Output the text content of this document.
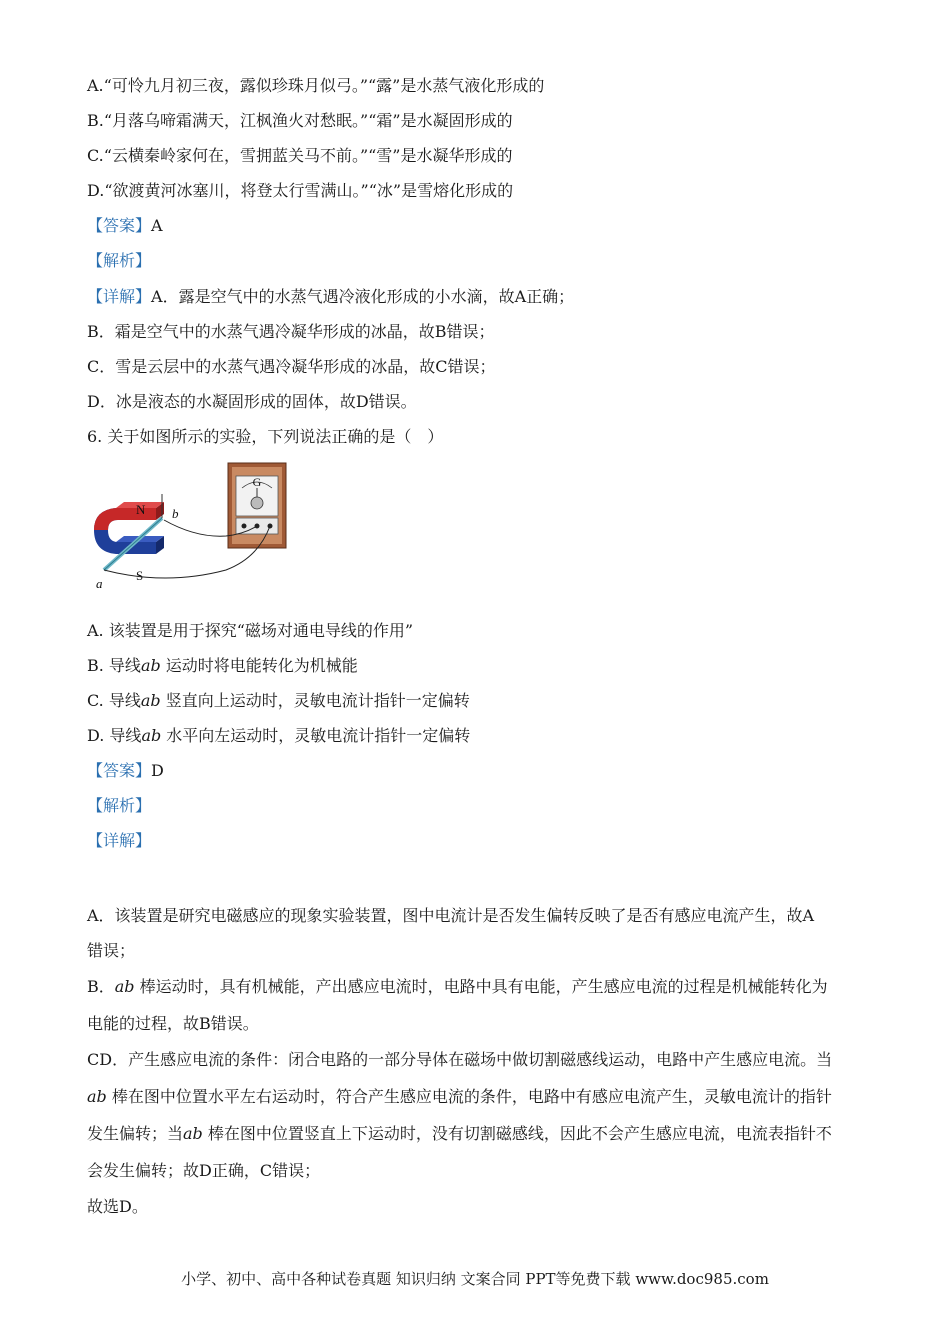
A.“可怜九月初三夜，露似珍珠月似弓。”“露”是水蒸气液化形成的
B.“月落乌啼霜满天，江枫渔火对愁眠。”“霜”是水凝固形成的
C.“云横秦岭家何在，雪拥蓝关马不前。”“雪”是水凝华形成的
D.“欲渡黄河冰塞川，将登太行雪满山。”“冰”是雪熔化形成的
【答案】A
【解析】
【详解】A．露是空气中的水蒸气遇冷液化形成的小水滴，故A正确；
B．霜是空气中的水蒸气遇冷凝华形成的冰晶，故B错误；
C．雪是云层中的水蒸气遇冷凝华形成的冰晶，故C错误；
D．冰是液态的水凝固形成的固体，故D错误。
6. 关于如图所示的实验，下列说法正确的是（　）
G
N
S
a
b
A. 该装置是用于探究“磁场对通电导线的作用”
B. 导线ab 运动时将电能转化为机械能
C. 导线ab 竖直向上运动时，灵敏电流计指针一定偏转
D. 导线ab 水平向左运动时，灵敏电流计指针一定偏转
【答案】D
【解析】
【详解】
A．该装置是研究电磁感应的现象实验装置，图中电流计是否发生偏转反映了是否有感应电流产生，故A
错误；
B．ab 棒运动时，具有机械能，产出感应电流时，电路中具有电能，产生感应电流的过程是机械能转化为
电能的过程，故B错误。
CD．产生感应电流的条件：闭合电路的一部分导体在磁场中做切割磁感线运动，电路中产生感应电流。当
ab 棒在图中位置水平左右运动时，符合产生感应电流的条件，电路中有感应电流产生，灵敏电流计的指针
发生偏转；当ab 棒在图中位置竖直上下运动时，没有切割磁感线，因此不会产生感应电流，电流表指针不
会发生偏转；故D正确，C错误；
故选D。
小学、初中、高中各种试卷真题 知识归纳 文案合同 PPT等免费下载 www.doc985.com
